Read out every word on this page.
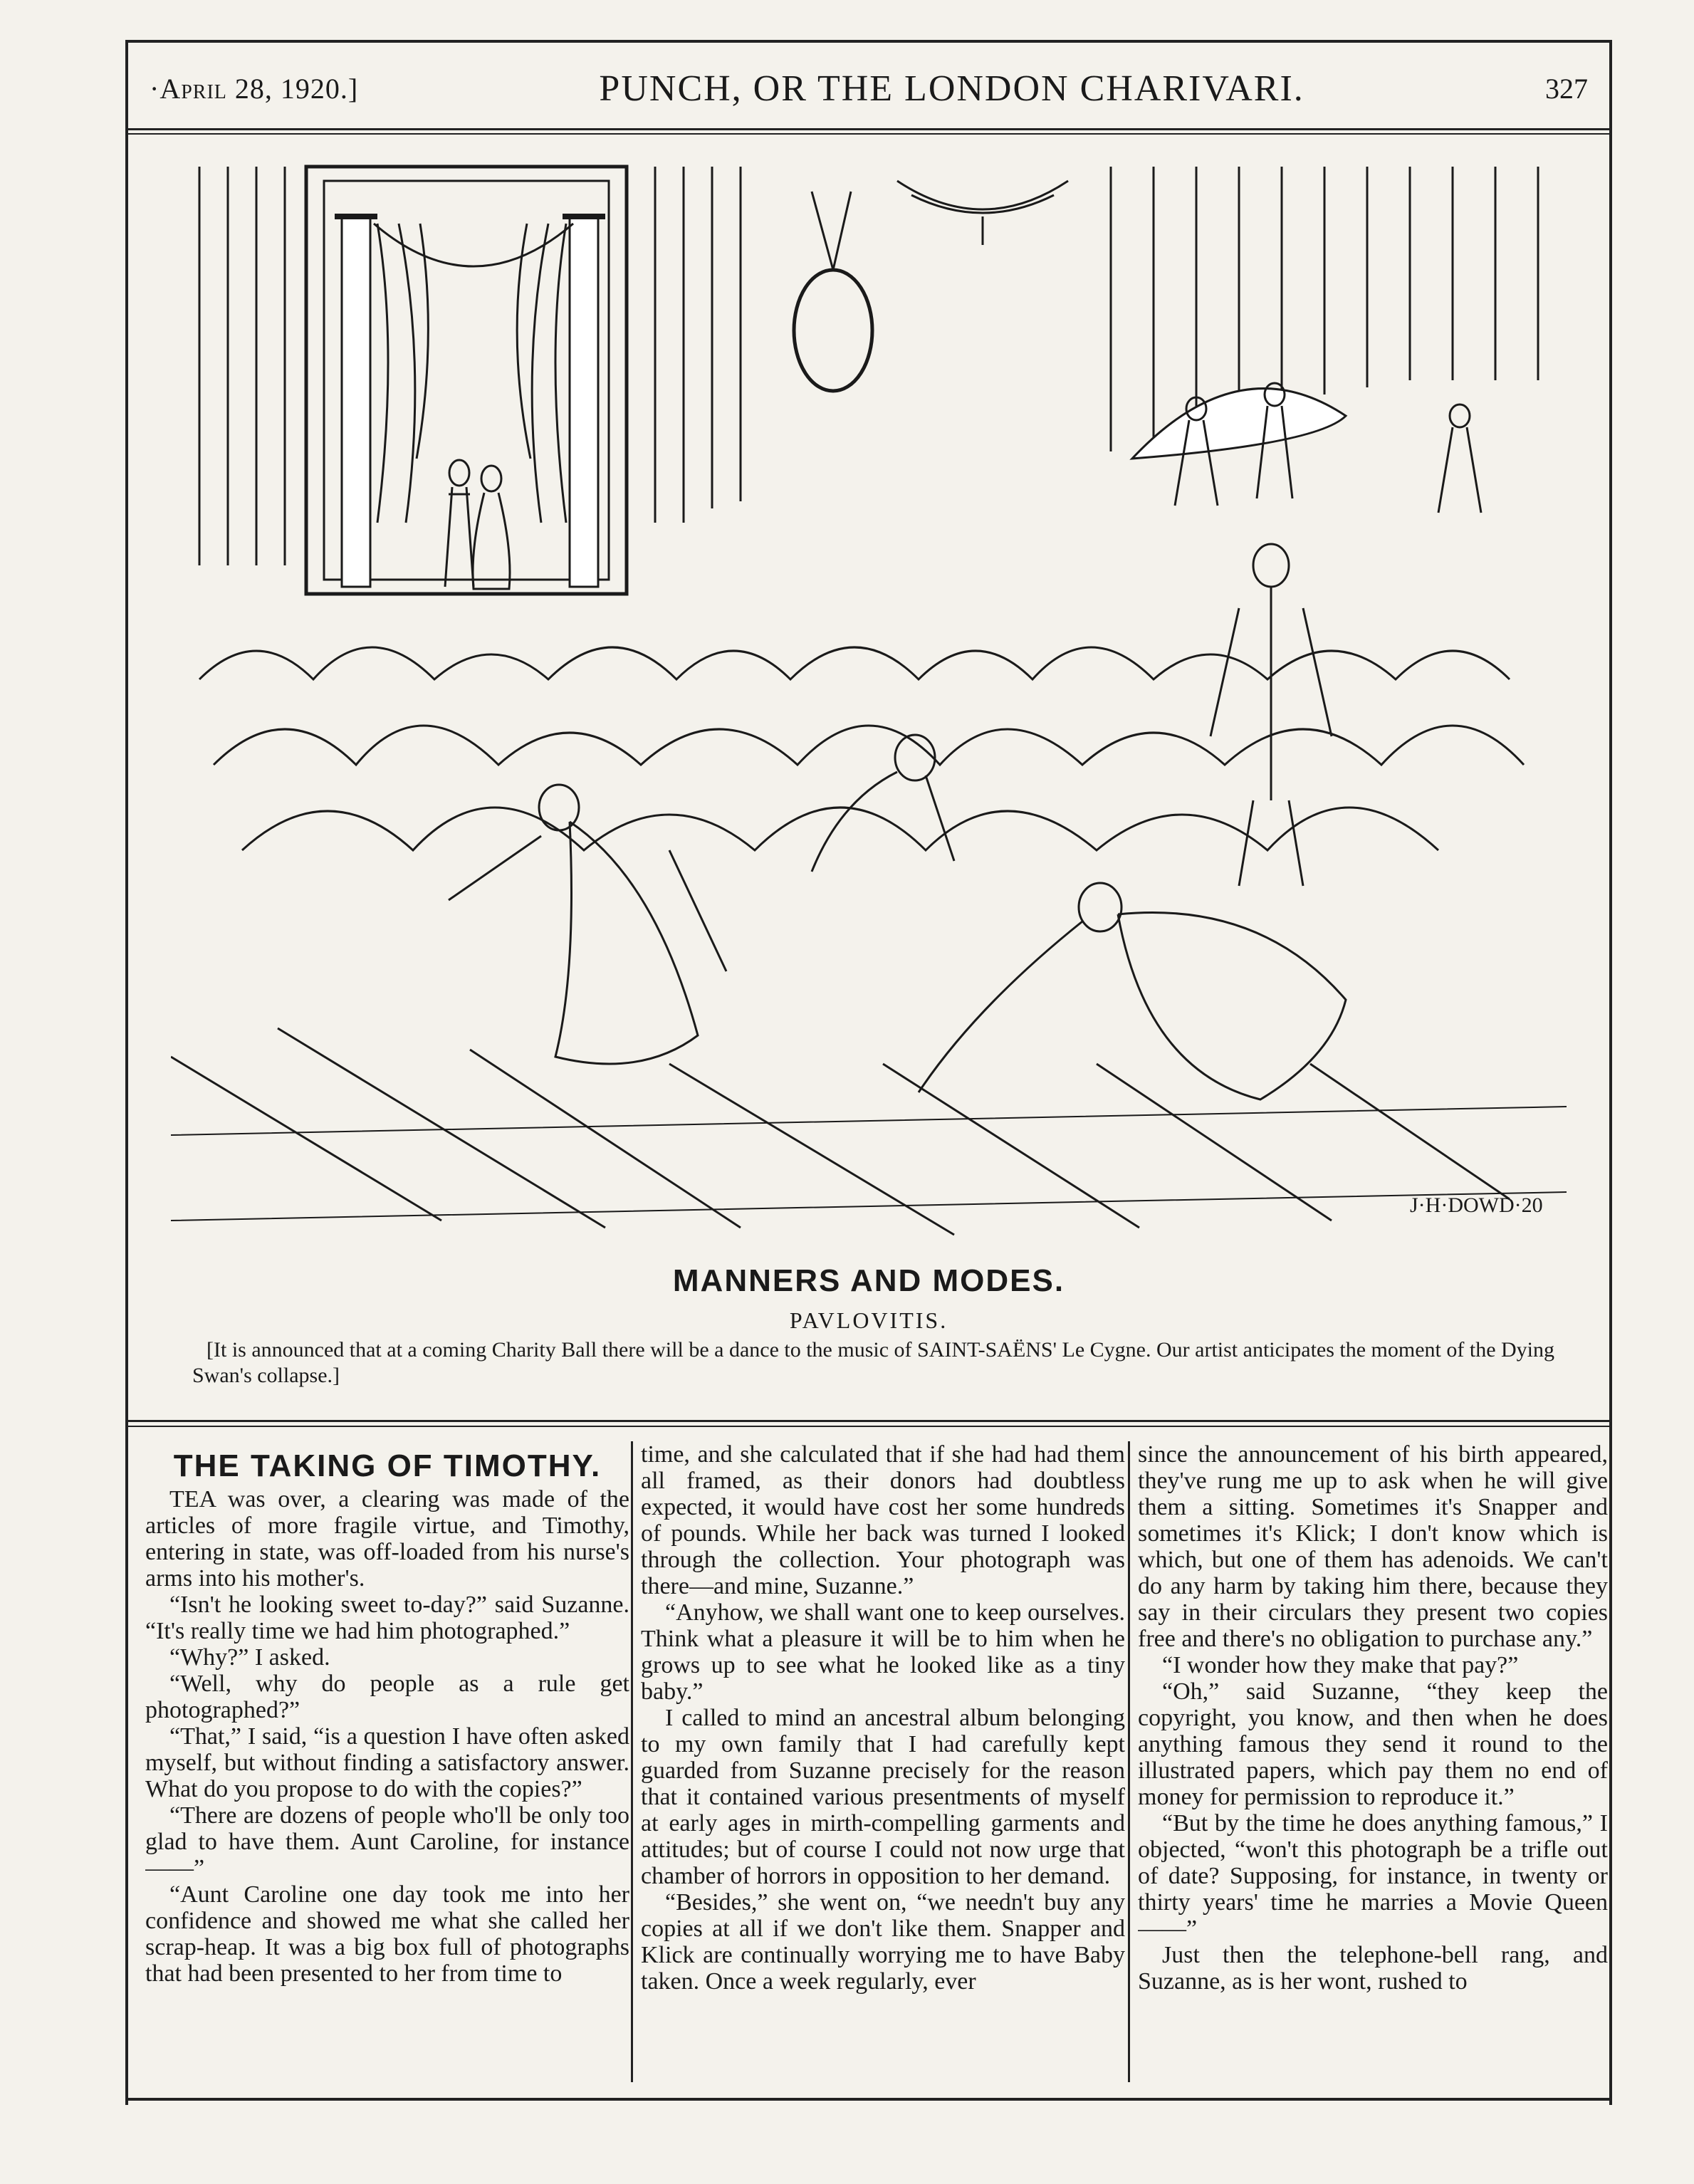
·April 28, 1920.]	PUNCH, OR THE LONDON CHARIVARI.	327
J·H·DOWD·20
MANNERS AND MODES.
PAVLOVITIS.
[It is announced that at a coming Charity Ball there will be a dance to the music of SAINT-SAËNS' Le Cygne. Our artist anticipates the moment of the Dying Swan's collapse.]
THE TAKING OF TIMOTHY.

TEA was over, a clearing was made of the articles of more fragile virtue, and Timothy, entering in state, was off-loaded from his nurse's arms into his mother's.

“Isn't he looking sweet to-day?” said Suzanne. “It's really time we had him photographed.”

“Why?” I asked.

“Well, why do people as a rule get photographed?”

“That,” I said, “is a question I have often asked myself, but without finding a satisfactory answer. What do you propose to do with the copies?”

“There are dozens of people who'll be only too glad to have them. Aunt Caroline, for instance——”

“Aunt Caroline one day took me into her confidence and showed me what she called her scrap-heap. It was a big box full of photographs that had been presented to her from time to

time, and she calculated that if she had had them all framed, as their donors had doubtless expected, it would have cost her some hundreds of pounds. While her back was turned I looked through the collection. Your photograph was there—and mine, Suzanne.”

“Anyhow, we shall want one to keep ourselves. Think what a pleasure it will be to him when he grows up to see what he looked like as a tiny baby.”

I called to mind an ancestral album belonging to my own family that I had carefully kept guarded from Suzanne precisely for the reason that it contained various presentments of myself at early ages in mirth-compelling garments and attitudes; but of course I could not now urge that chamber of horrors in opposition to her demand.

“Besides,” she went on, “we needn't buy any copies at all if we don't like them. Snapper and Klick are continually worrying me to have Baby taken. Once a week regularly, ever

since the announcement of his birth appeared, they've rung me up to ask when he will give them a sitting. Sometimes it's Snapper and sometimes it's Klick; I don't know which is which, but one of them has adenoids. We can't do any harm by taking him there, because they say in their circulars they present two copies free and there's no obligation to purchase any.”

“I wonder how they make that pay?”

“Oh,” said Suzanne, “they keep the copyright, you know, and then when he does anything famous they send it round to the illustrated papers, which pay them no end of money for permission to reproduce it.”

“But by the time he does anything famous,” I objected, “won't this photograph be a trifle out of date? Supposing, for instance, in twenty or thirty years' time he marries a Movie Queen——”

Just then the telephone-bell rang, and Suzanne, as is her wont, rushed to
